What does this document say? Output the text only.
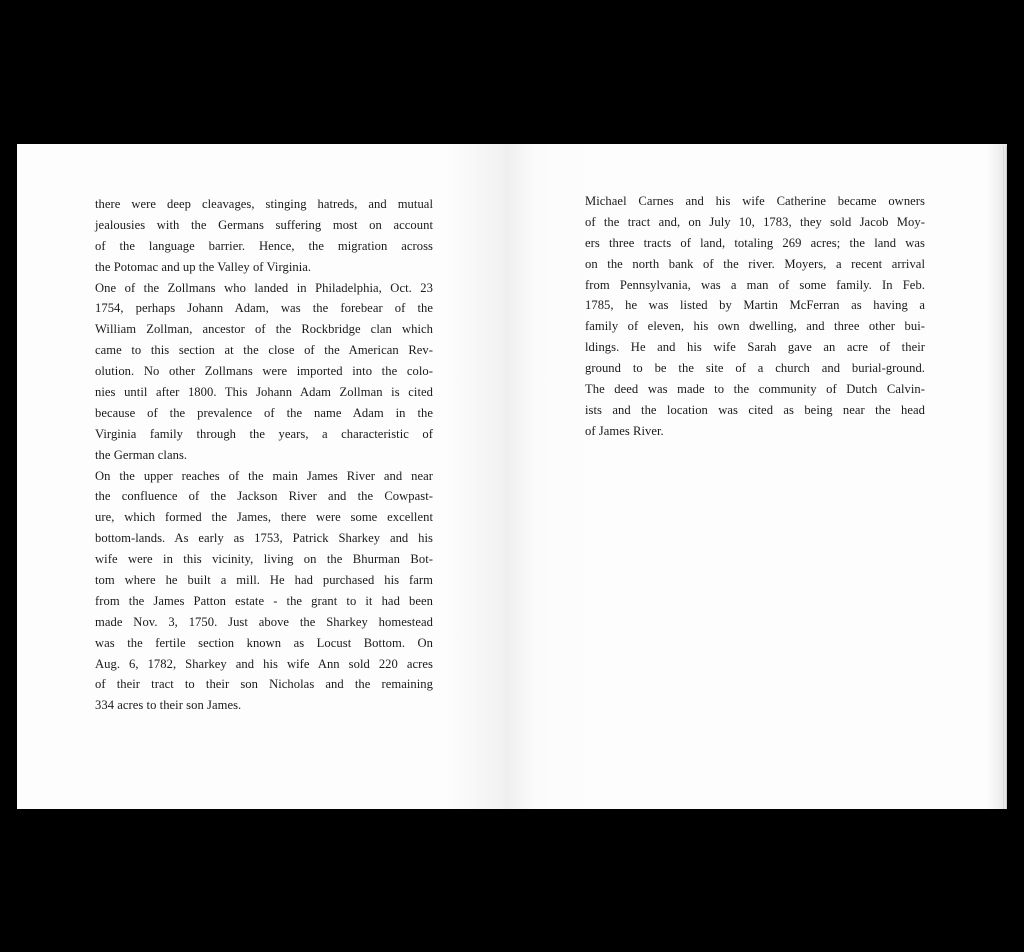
there were deep cleavages, stinging hatreds, and mutual
jealousies with the Germans suffering most on account
of the language barrier. Hence, the migration across
the Potomac and up the Valley of Virginia.
One of the Zollmans who landed in Philadelphia, Oct. 23
1754, perhaps Johann Adam, was the forebear of the
William Zollman, ancestor of the Rockbridge clan which
came to this section at the close of the American Rev-
olution. No other Zollmans were imported into the colo-
nies until after 1800. This Johann Adam Zollman is cited
because of the prevalence of the name Adam in the
Virginia family through the years, a characteristic of
the German clans.
On the upper reaches of the main James River and near
the confluence of the Jackson River and the Cowpast-
ure, which formed the James, there were some excellent
bottom-lands. As early as 1753, Patrick Sharkey and his
wife were in this vicinity, living on the Bhurman Bot-
tom where he built a mill. He had purchased his farm
from the James Patton estate - the grant to it had been
made Nov. 3, 1750. Just above the Sharkey homestead
was the fertile section known as Locust Bottom. On
Aug. 6, 1782, Sharkey and his wife Ann sold 220 acres
of their tract to their son Nicholas and the remaining
334 acres to their son James.
Michael Carnes and his wife Catherine became owners
of the tract and, on July 10, 1783, they sold Jacob Moy-
ers three tracts of land, totaling 269 acres; the land was
on the north bank of the river. Moyers, a recent arrival
from Pennsylvania, was a man of some family. In Feb.
1785, he was listed by Martin McFerran as having a
family of eleven, his own dwelling, and three other bui-
ldings. He and his wife Sarah gave an acre of their
ground to be the site of a church and burial-ground.
The deed was made to the community of Dutch Calvin-
ists and the location was cited as being near the head
of James River.
